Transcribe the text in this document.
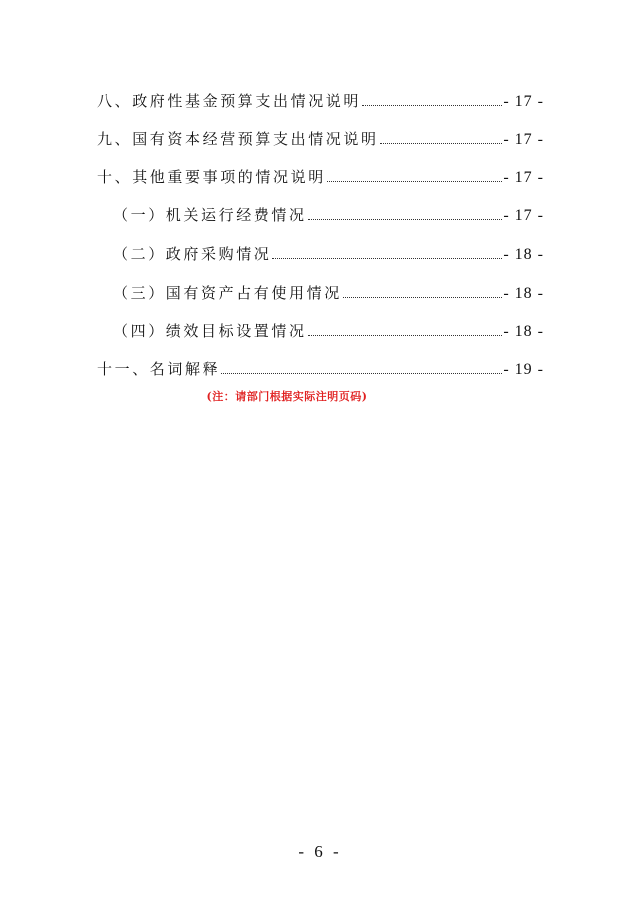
八、政府性基金预算支出情况说明	- 17 -
九、国有资本经营预算支出情况说明	- 17 -
十、其他重要事项的情况说明	- 17 -
（一）机关运行经费情况	- 17 -
（二）政府采购情况	- 18 -
（三）国有资产占有使用情况	- 18 -
（四）绩效目标设置情况	- 18 -
十一、名词解释	- 19 -
(注：请部门根据实际注明页码)
- 6 -
